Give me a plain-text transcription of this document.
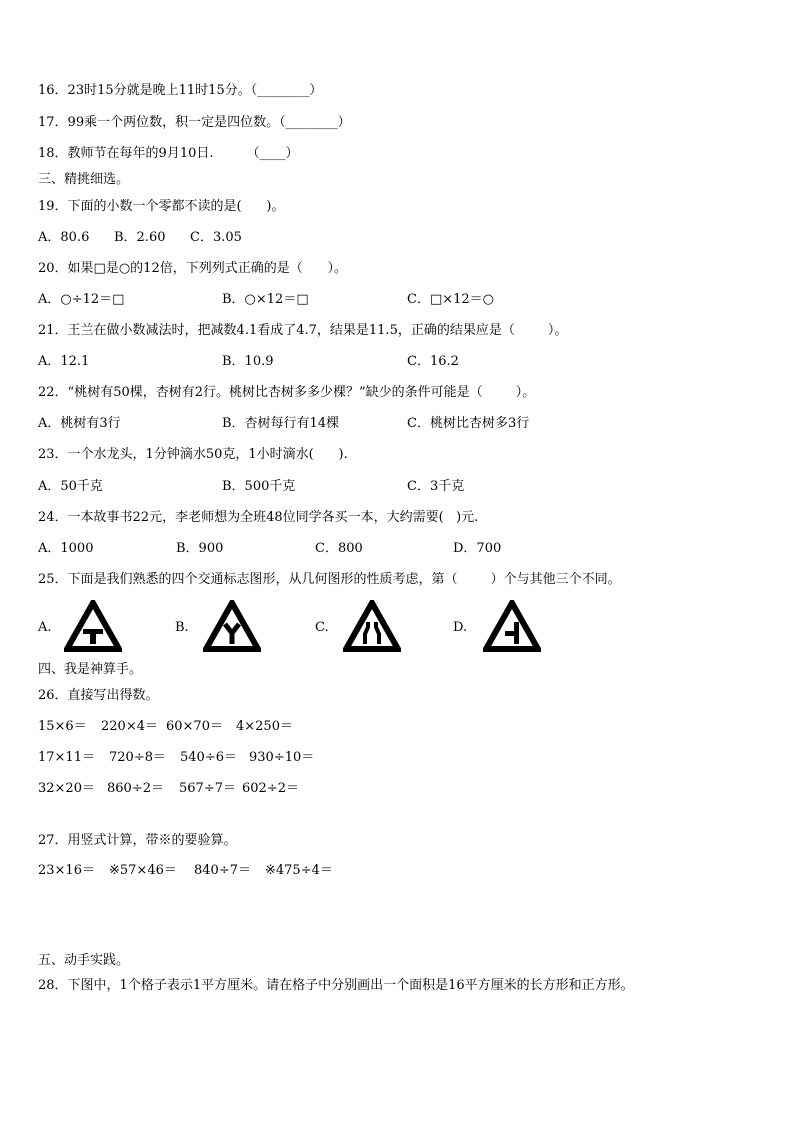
16．23时15分就是晚上11时15分。（________）
17．99乘一个两位数，积一定是四位数。（________）
18．教师节在每年的9月10日.        （____）
三、精挑细选。
19．下面的小数一个零都不读的是(      )。
A．80.6 B．2.60 C．3.05
20．如果□是○的12倍，下列列式正确的是（      ）。
A．○÷12＝□	B．○×12＝□	C．□×12＝○
21．王兰在做小数减法时，把减数4.1看成了4.7，结果是11.5，正确的结果应是（        ）。
A．12.1	B．10.9	C．16.2
22．“桃树有50棵，杏树有2行。桃树比杏树多多少棵？”缺少的条件可能是（        ）。
A．桃树有3行	B．杏树每行有14棵	C．桃树比杏树多3行
23．一个水龙头，1分钟滴水50克，1小时滴水(      ).
A．50千克	B．500千克	C．3千克
24．一本故事书22元，李老师想为全班48位同学各买一本，大约需要(   )元.
A．1000	B．900	C．800	D．700
25．下面是我们熟悉的四个交通标志图形，从几何图形的性质考虑，第（        ）个与其他三个不同。
A.	B.	C.	D.
四、我是神算手。
26．直接写出得数。
15×6＝ 220×4＝ 60×70＝ 4×250＝
17×11＝ 720÷8＝ 540÷6＝ 930÷10＝
32×20＝ 860÷2＝ 567÷7＝ 602÷2＝
27．用竖式计算，带※的要验算。
23×16＝ ※57×46＝ 840÷7＝ ※475÷4＝
五、动手实践。
28．下图中，1个格子表示1平方厘米。请在格子中分别画出一个面积是16平方厘米的长方形和正方形。
